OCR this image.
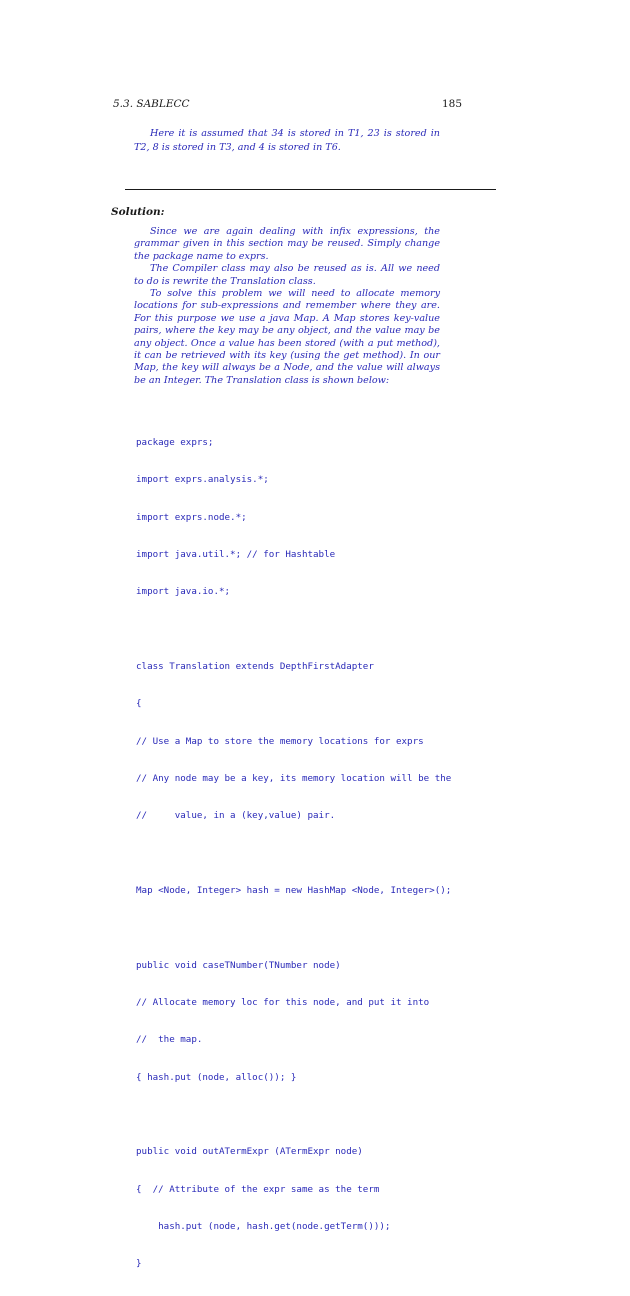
5.3. SABLECC	185
Here it is assumed that 34 is stored in T1, 23 is stored in T2, 8 is stored in T3, and 4 is stored in T6.
Solution:

Since we are again dealing with infix expressions, the grammar given in this section may be reused. Simply change the package name to exprs.

The Compiler class may also be reused as is. All we need to do is rewrite the Translation class.

To solve this problem we will need to allocate memory locations for sub-expressions and remember where they are. For this purpose we use a java Map. A Map stores key-value pairs, where the key may be any object, and the value may be any object. Once a value has been stored (with a put method), it can be retrieved with its key (using the get method). In our Map, the key will always be a Node, and the value will always be an Integer. The Translation class is shown below:

package exprs;

import exprs.analysis.*;

import exprs.node.*;

import java.util.*; // for Hashtable

import java.io.*;

class Translation extends DepthFirstAdapter

{

// Use a Map to store the memory locations for exprs

// Any node may be a key, its memory location will be the

//     value, in a (key,value) pair.

Map <Node, Integer> hash = new HashMap <Node, Integer>();

public void caseTNumber(TNumber node)

// Allocate memory loc for this node, and put it into

//  the map.

{ hash.put (node, alloc()); }

public void outATermExpr (ATermExpr node)

{  // Attribute of the expr same as the term

hash.put (node, hash.get(node.getTerm()));

}
